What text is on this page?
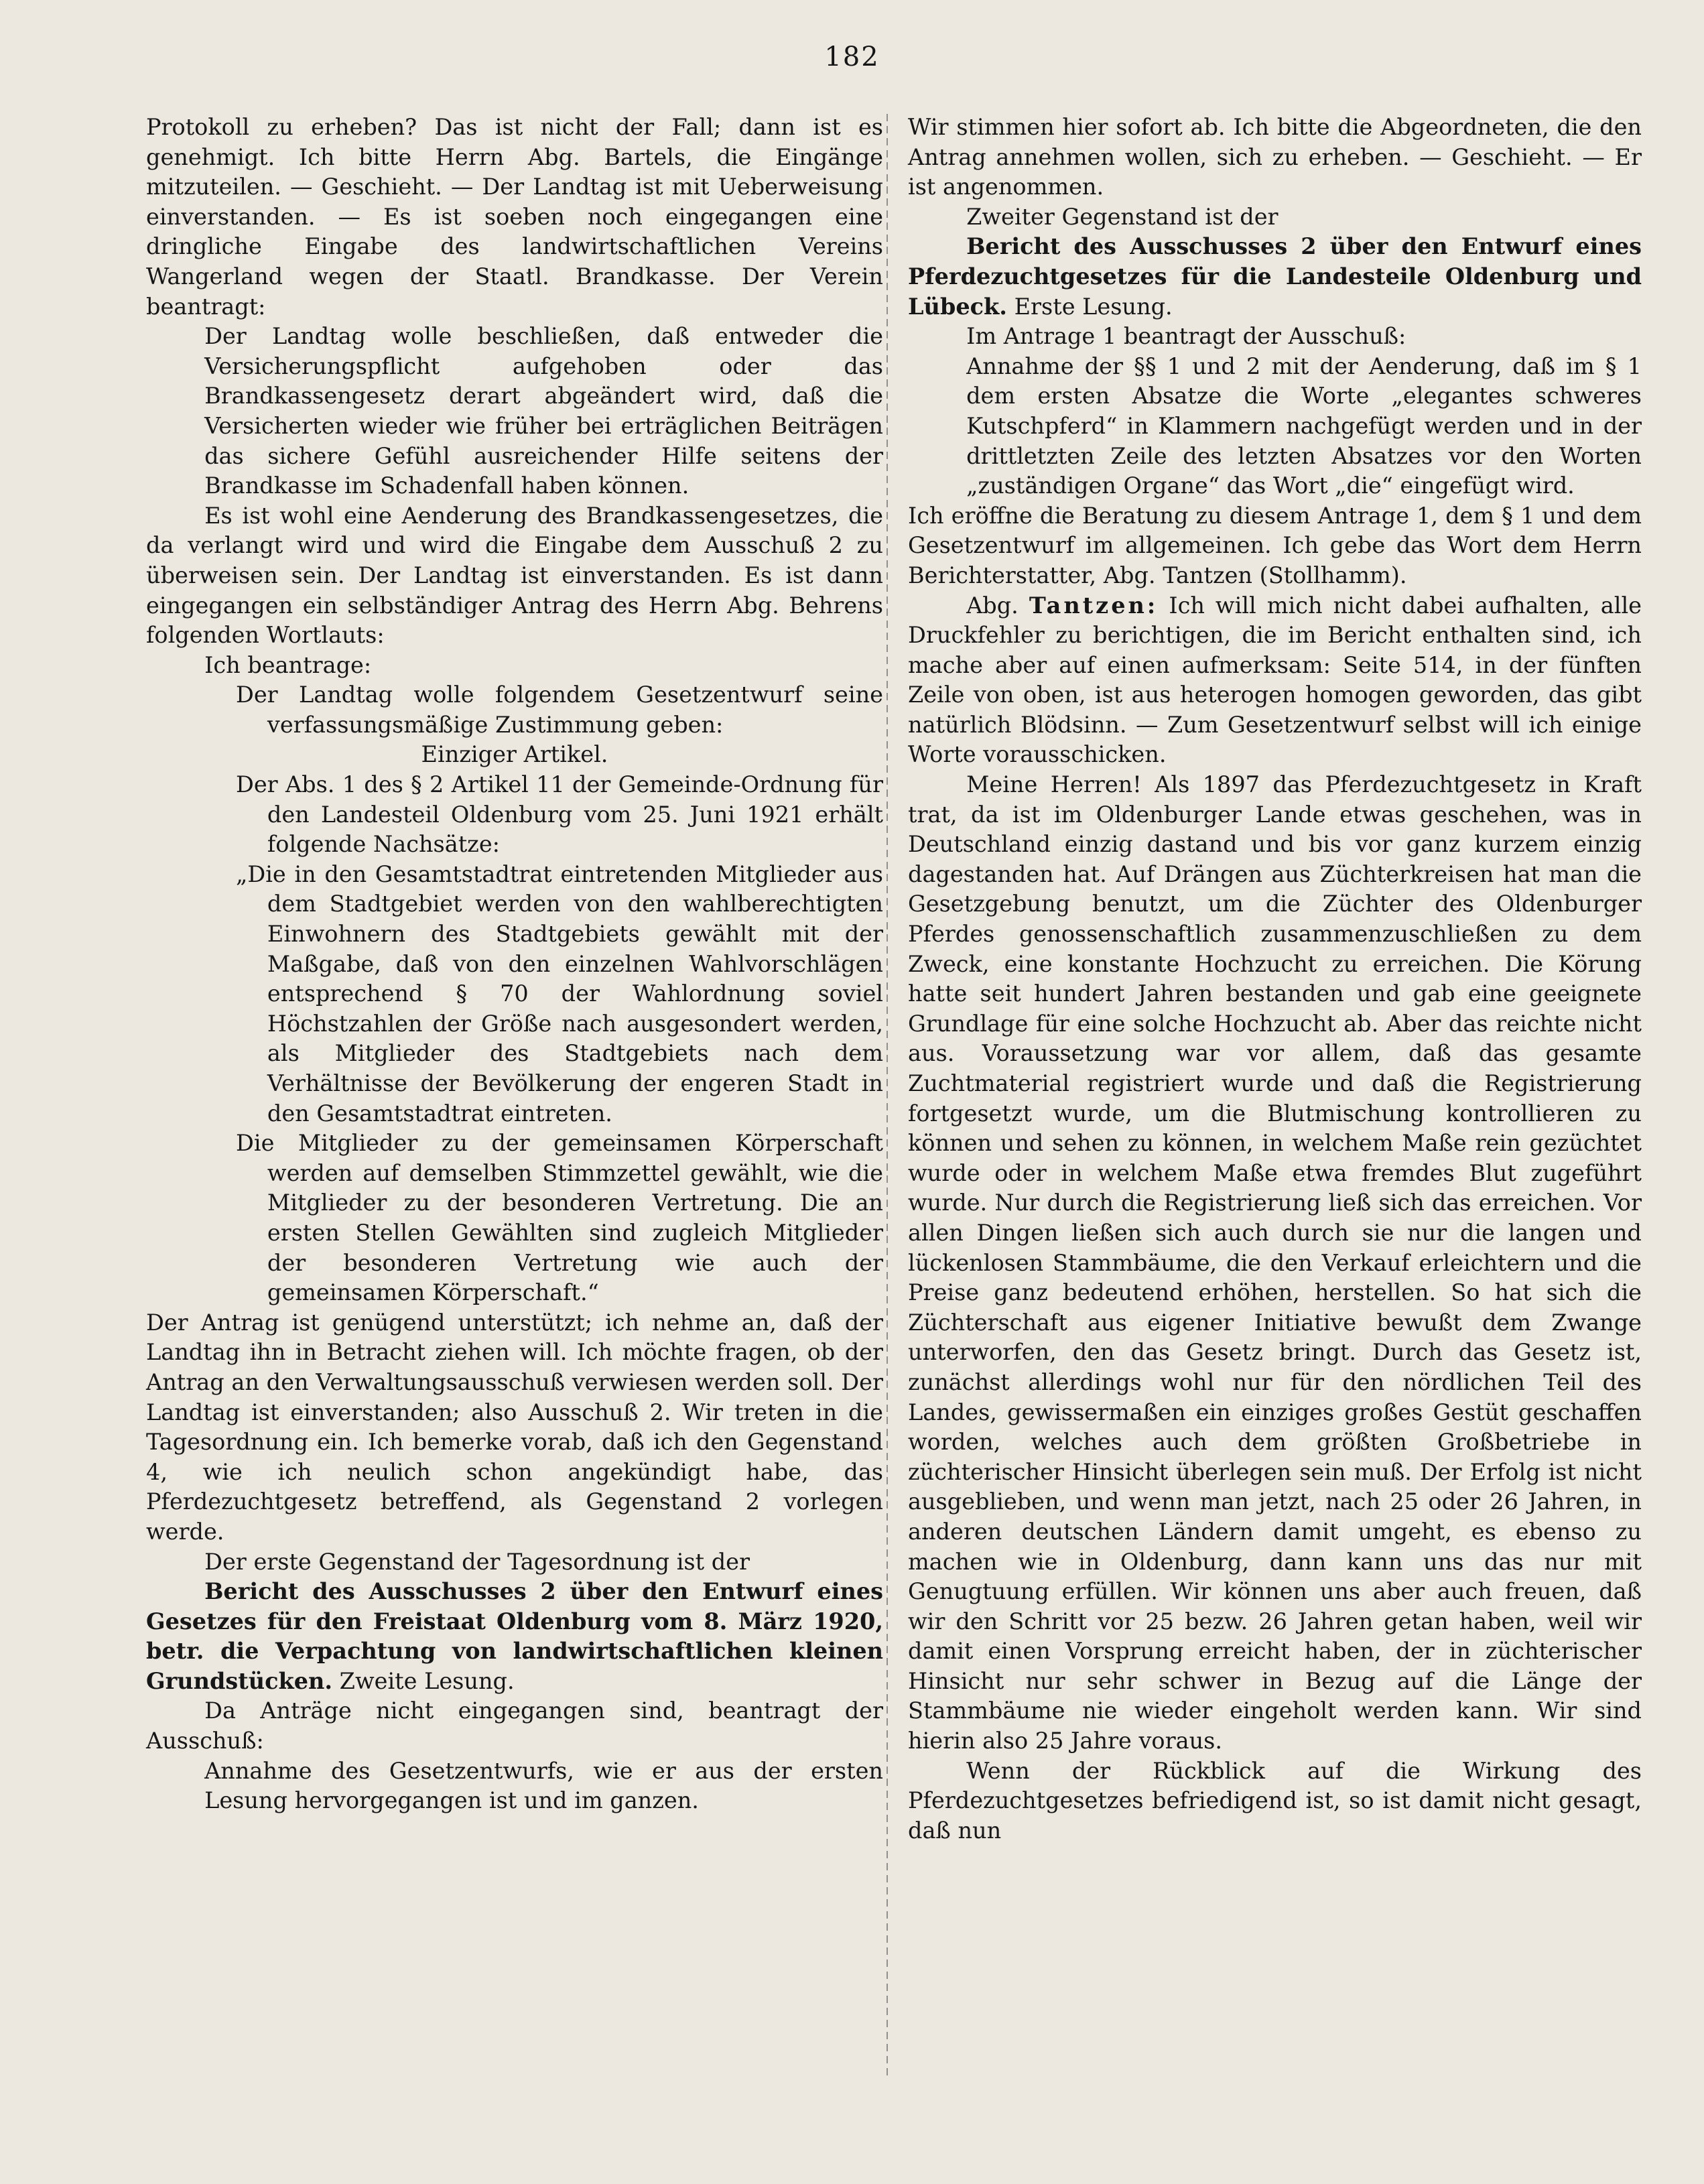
182

Protokoll zu erheben? Das ist nicht der Fall; dann ist es genehmigt. Ich bitte Herrn Abg. Bartels, die Eingänge mitzuteilen. — Geschieht. — Der Landtag ist mit Ueberweisung einverstanden. — Es ist soeben noch eingegangen eine dringliche Eingabe des landwirtschaftlichen Vereins Wangerland wegen der Staatl. Brandkasse. Der Verein beantragt:

Der Landtag wolle beschließen, daß entweder die Versicherungspflicht aufgehoben oder das Brandkassengesetz derart abgeändert wird, daß die Versicherten wieder wie früher bei erträglichen Beiträgen das sichere Gefühl ausreichender Hilfe seitens der Brandkasse im Schadenfall haben können.

Es ist wohl eine Aenderung des Brandkassengesetzes, die da verlangt wird und wird die Eingabe dem Ausschuß 2 zu überweisen sein. Der Landtag ist einverstanden. Es ist dann eingegangen ein selbständiger Antrag des Herrn Abg. Behrens folgenden Wortlauts:

Ich beantrage:

Der Landtag wolle folgendem Gesetzentwurf seine verfassungsmäßige Zustimmung geben:

Einziger Artikel.

Der Abs. 1 des § 2 Artikel 11 der Gemeinde-Ordnung für den Landesteil Oldenburg vom 25. Juni 1921 erhält folgende Nachsätze:

„Die in den Gesamtstadtrat eintretenden Mitglieder aus dem Stadtgebiet werden von den wahlberechtigten Einwohnern des Stadtgebiets gewählt mit der Maßgabe, daß von den einzelnen Wahlvorschlägen entsprechend § 70 der Wahlordnung soviel Höchstzahlen der Größe nach ausgesondert werden, als Mitglieder des Stadtgebiets nach dem Verhältnisse der Bevölkerung der engeren Stadt in den Gesamtstadtrat eintreten.

Die Mitglieder zu der gemeinsamen Körperschaft werden auf demselben Stimmzettel gewählt, wie die Mitglieder zu der besonderen Vertretung. Die an ersten Stellen Gewählten sind zugleich Mitglieder der besonderen Vertretung wie auch der gemeinsamen Körperschaft.“

Der Antrag ist genügend unterstützt; ich nehme an, daß der Landtag ihn in Betracht ziehen will. Ich möchte fragen, ob der Antrag an den Verwaltungsausschuß verwiesen werden soll. Der Landtag ist einverstanden; also Ausschuß 2. Wir treten in die Tagesordnung ein. Ich bemerke vorab, daß ich den Gegenstand 4, wie ich neulich schon angekündigt habe, das Pferdezuchtgesetz betreffend, als Gegenstand 2 vorlegen werde.

Der erste Gegenstand der Tagesordnung ist der

Bericht des Ausschusses 2 über den Entwurf eines Gesetzes für den Freistaat Oldenburg vom 8. März 1920, betr. die Verpachtung von landwirtschaftlichen kleinen Grundstücken. Zweite Lesung.

Da Anträge nicht eingegangen sind, beantragt der Ausschuß:

Annahme des Gesetzentwurfs, wie er aus der ersten Lesung hervorgegangen ist und im ganzen.

Wir stimmen hier sofort ab. Ich bitte die Abgeordneten, die den Antrag annehmen wollen, sich zu erheben. — Geschieht. — Er ist angenommen.

Zweiter Gegenstand ist der

Bericht des Ausschusses 2 über den Entwurf eines Pferdezuchtgesetzes für die Landesteile Oldenburg und Lübeck. Erste Lesung.

Im Antrage 1 beantragt der Ausschuß:

Annahme der §§ 1 und 2 mit der Aenderung, daß im § 1 dem ersten Absatze die Worte „elegantes schweres Kutschpferd“ in Klammern nachgefügt werden und in der drittletzten Zeile des letzten Absatzes vor den Worten „zuständigen Organe“ das Wort „die“ eingefügt wird.

Ich eröffne die Beratung zu diesem Antrage 1, dem § 1 und dem Gesetzentwurf im allgemeinen. Ich gebe das Wort dem Herrn Berichterstatter, Abg. Tantzen (Stollhamm).

Abg. Tantzen: Ich will mich nicht dabei aufhalten, alle Druckfehler zu berichtigen, die im Bericht enthalten sind, ich mache aber auf einen aufmerksam: Seite 514, in der fünften Zeile von oben, ist aus heterogen homogen geworden, das gibt natürlich Blödsinn. — Zum Gesetzentwurf selbst will ich einige Worte vorausschicken.

Meine Herren! Als 1897 das Pferdezuchtgesetz in Kraft trat, da ist im Oldenburger Lande etwas geschehen, was in Deutschland einzig dastand und bis vor ganz kurzem einzig dagestanden hat. Auf Drängen aus Züchterkreisen hat man die Gesetzgebung benutzt, um die Züchter des Oldenburger Pferdes genossenschaftlich zusammenzuschließen zu dem Zweck, eine konstante Hochzucht zu erreichen. Die Körung hatte seit hundert Jahren bestanden und gab eine geeignete Grundlage für eine solche Hochzucht ab. Aber das reichte nicht aus. Voraussetzung war vor allem, daß das gesamte Zuchtmaterial registriert wurde und daß die Registrierung fortgesetzt wurde, um die Blutmischung kontrollieren zu können und sehen zu können, in welchem Maße rein gezüchtet wurde oder in welchem Maße etwa fremdes Blut zugeführt wurde. Nur durch die Registrierung ließ sich das erreichen. Vor allen Dingen ließen sich auch durch sie nur die langen und lückenlosen Stammbäume, die den Verkauf erleichtern und die Preise ganz bedeutend erhöhen, herstellen. So hat sich die Züchterschaft aus eigener Initiative bewußt dem Zwange unterworfen, den das Gesetz bringt. Durch das Gesetz ist, zunächst allerdings wohl nur für den nördlichen Teil des Landes, gewissermaßen ein einziges großes Gestüt geschaffen worden, welches auch dem größten Großbetriebe in züchterischer Hinsicht überlegen sein muß. Der Erfolg ist nicht ausgeblieben, und wenn man jetzt, nach 25 oder 26 Jahren, in anderen deutschen Ländern damit umgeht, es ebenso zu machen wie in Oldenburg, dann kann uns das nur mit Genugtuung erfüllen. Wir können uns aber auch freuen, daß wir den Schritt vor 25 bezw. 26 Jahren getan haben, weil wir damit einen Vorsprung erreicht haben, der in züchterischer Hinsicht nur sehr schwer in Bezug auf die Länge der Stammbäume nie wieder eingeholt werden kann. Wir sind hierin also 25 Jahre voraus.

Wenn der Rückblick auf die Wirkung des Pferdezuchtgesetzes befriedigend ist, so ist damit nicht gesagt, daß nun
